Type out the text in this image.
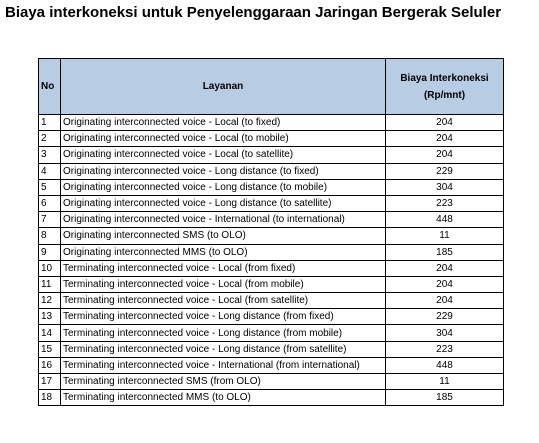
Biaya interkoneksi untuk Penyelenggaraan Jaringan Bergerak Seluler
No	Layanan	Biaya Interkoneksi
(Rp/mnt)

1	Originating interconnected voice - Local (to fixed)	204
2	Originating interconnected voice - Local (to mobile)	204
3	Originating interconnected voice - Local (to satellite)	204
4	Originating interconnected voice - Long distance (to fixed)	229
5	Originating interconnected voice - Long distance (to mobile)	304
6	Originating interconnected voice - Long distance (to satellite)	223
7	Originating interconnected voice - International (to international)	448
8	Originating interconnected SMS (to OLO)	11
9	Originating interconnected MMS (to OLO)	185
10	Terminating interconnected voice - Local (from fixed)	204
11	Terminating interconnected voice - Local (from mobile)	204
12	Terminating interconnected voice - Local (from satellite)	204
13	Terminating interconnected voice - Long distance (from fixed)	229
14	Terminating interconnected voice - Long distance (from mobile)	304
15	Terminating interconnected voice - Long distance (from satellite)	223
16	Terminating interconnected voice - International (from international)	448
17	Terminating interconnected SMS (from OLO)	11
18	Terminating interconnected MMS (to OLO)	185
